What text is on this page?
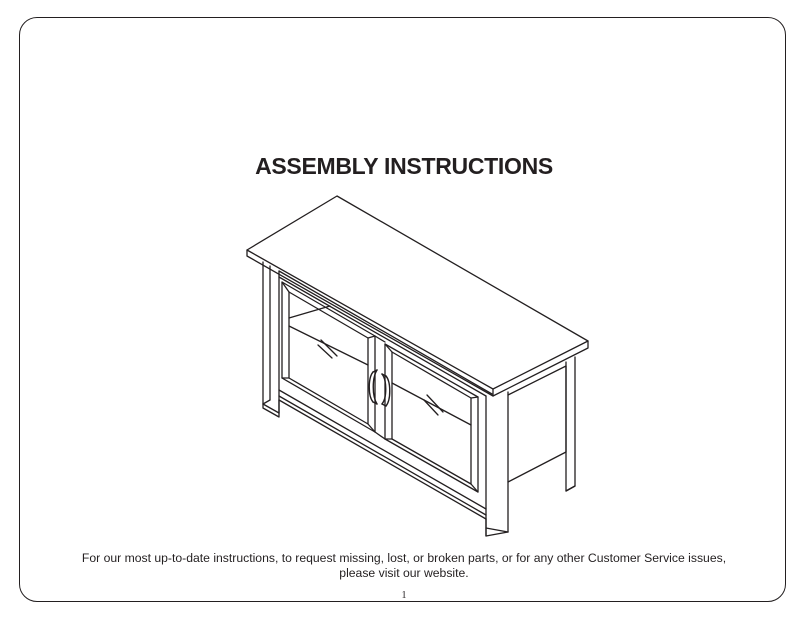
ASSEMBLY INSTRUCTIONS
For our most up-to-date instructions, to request missing, lost, or broken parts, or for any other Customer Service issues,
please visit our website.
1
